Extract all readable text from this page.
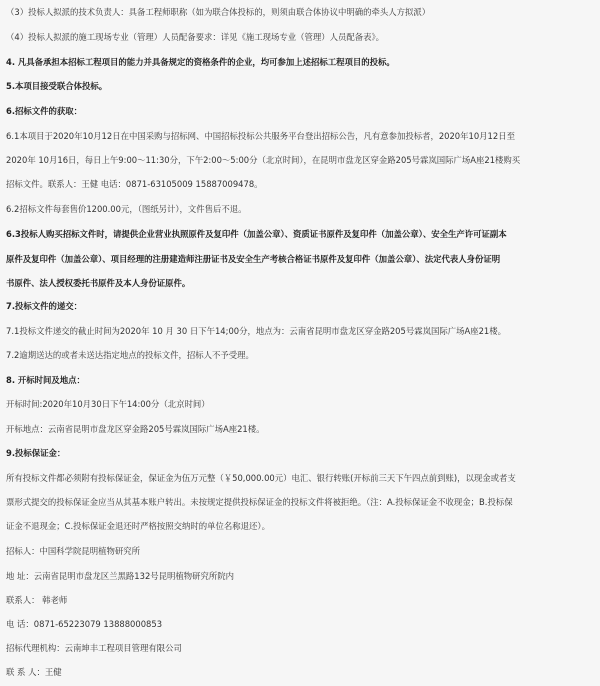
（3）投标人拟派的技术负责人：具备工程师职称（如为联合体投标的，则须由联合体协议中明确的牵头人方拟派）
（4）投标人拟派的施工现场专业（管理）人员配备要求：详见《施工现场专业（管理）人员配备表》。
4. 凡具备承担本招标工程项目的能力并具备规定的资格条件的企业，均可参加上述招标工程项目的投标。
5.本项目接受联合体投标。
6.招标文件的获取：
6.1本项目于2020年10月12日在中国采购与招标网、中国招标投标公共服务平台登出招标公告，凡有意参加投标者，2020年10月12日至
2020年 10月16日，每日上午9:00～11:30分，下午2:00～5:00分（北京时间），在昆明市盘龙区穿金路205号霖岚国际广场A座21楼购买
招标文件。联系人：王健 电话：0871-63105009 15887009478。
6.2招标文件每套售价1200.00元，（图纸另计），文件售后不退。
6.3投标人购买招标文件时，请提供企业营业执照原件及复印件（加盖公章）、资质证书原件及复印件（加盖公章）、安全生产许可证副本
原件及复印件（加盖公章）、项目经理的注册建造师注册证书及安全生产考核合格证书原件及复印件（加盖公章）、法定代表人身份证明
书原件、法人授权委托书原件及本人身份证原件。
7.投标文件的递交：
7.1投标文件递交的截止时间为2020年 10 月 30 日下午14;00分，地点为：云南省昆明市盘龙区穿金路205号霖岚国际广场A座21楼。
7.2逾期送达的或者未送达指定地点的投标文件，招标人不予受理。
8. 开标时间及地点：
开标时间:2020年10月30日下午14:00分（北京时间）
开标地点：云南省昆明市盘龙区穿金路205号霖岚国际广场A座21楼。
9.投标保证金：
所有投标文件都必须附有投标保证金，保证金为伍万元整（￥50,000.00元）电汇、银行转账(开标前三天下午四点前到账)，以现金或者支
票形式提交的投标保证金应当从其基本账户转出。未按规定提供投标保证金的投标文件将被拒绝。（注：A.投标保证金不收现金；B.投标保
证金不退现金；C.投标保证金退还时严格按照交纳时的单位名称退还）。
招标人：中国科学院昆明植物研究所
地 址：云南省昆明市盘龙区兰黑路132号昆明植物研究所院内
联系人： 韩老师
电 话：0871-65223079 13888000853
招标代理机构：云南坤丰工程项目管理有限公司
联 系 人：王健
